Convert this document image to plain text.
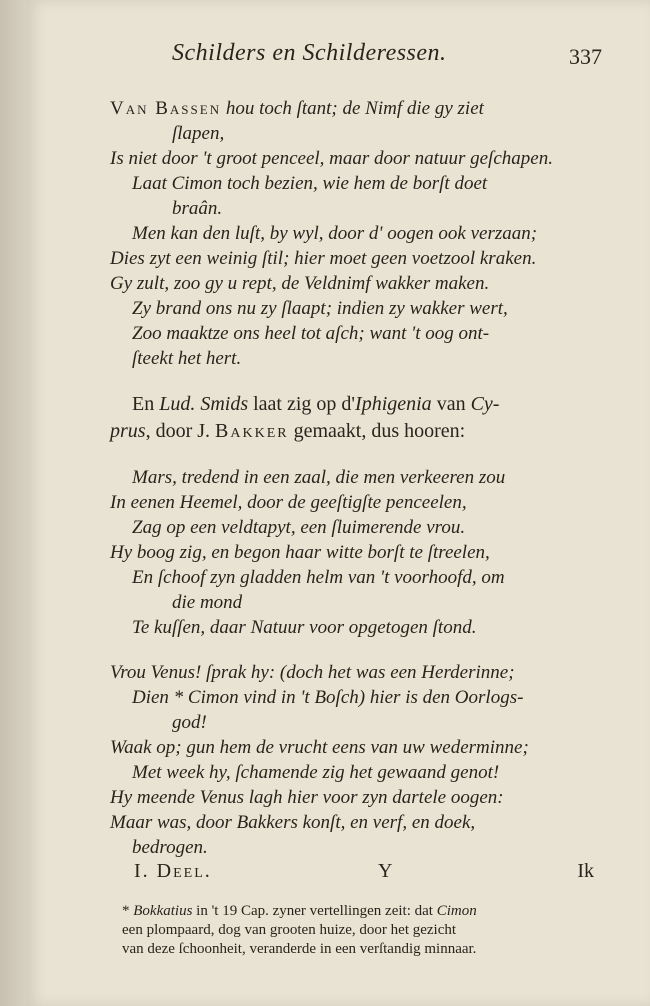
Schilders en Schilderessen.	337
Van Bassen hou toch ſtant; de Nimf die gy ziet
ſlapen,
Is niet door 't groot penceel, maar door natuur geſchapen.
Laat Cimon toch bezien, wie hem de borſt doet
braân.
Men kan den luſt, by wyl, door d' oogen ook verzaan;
Dies zyt een weinig ſtil; hier moet geen voetzool kraken.
Gy zult, zoo gy u rept, de Veldnimf wakker maken.
Zy brand ons nu zy ſlaapt; indien zy wakker wert,
Zoo maaktze ons heel tot aſch; want 't oog ont-
ſteekt het hert.
En Lud. Smids laat zig op d'Iphigenia van Cy-
prus, door J. Bakker gemaakt, dus hooren:
Mars, tredend in een zaal, die men verkeeren zou
In eenen Heemel, door de geeſtigſte penceelen,
Zag op een veldtapyt, een ſluimerende vrou.
Hy boog zig, en begon haar witte borſt te ſtreelen,
En ſchoof zyn gladden helm van 't voorhoofd, om
die mond
Te kuſſen, daar Natuur voor opgetogen ſtond.
Vrou Venus! ſprak hy: (doch het was een Herderinne;
Dien * Cimon vind in 't Boſch) hier is den Oorlogs-
god!
Waak op; gun hem de vrucht eens van uw wederminne;
Met week hy, ſchamende zig het gewaand genot!
Hy meende Venus lagh hier voor zyn dartele oogen:
Maar was, door Bakkers konſt, en verf, en doek,
bedrogen.
I. Deel.	Y	Ik
* Bokkatius in 't 19 Cap. zyner vertellingen zeit: dat Cimon
een plompaard, dog van grooten huize, door het gezicht
van deze ſchoonheit, veranderde in een verſtandig minnaar.
